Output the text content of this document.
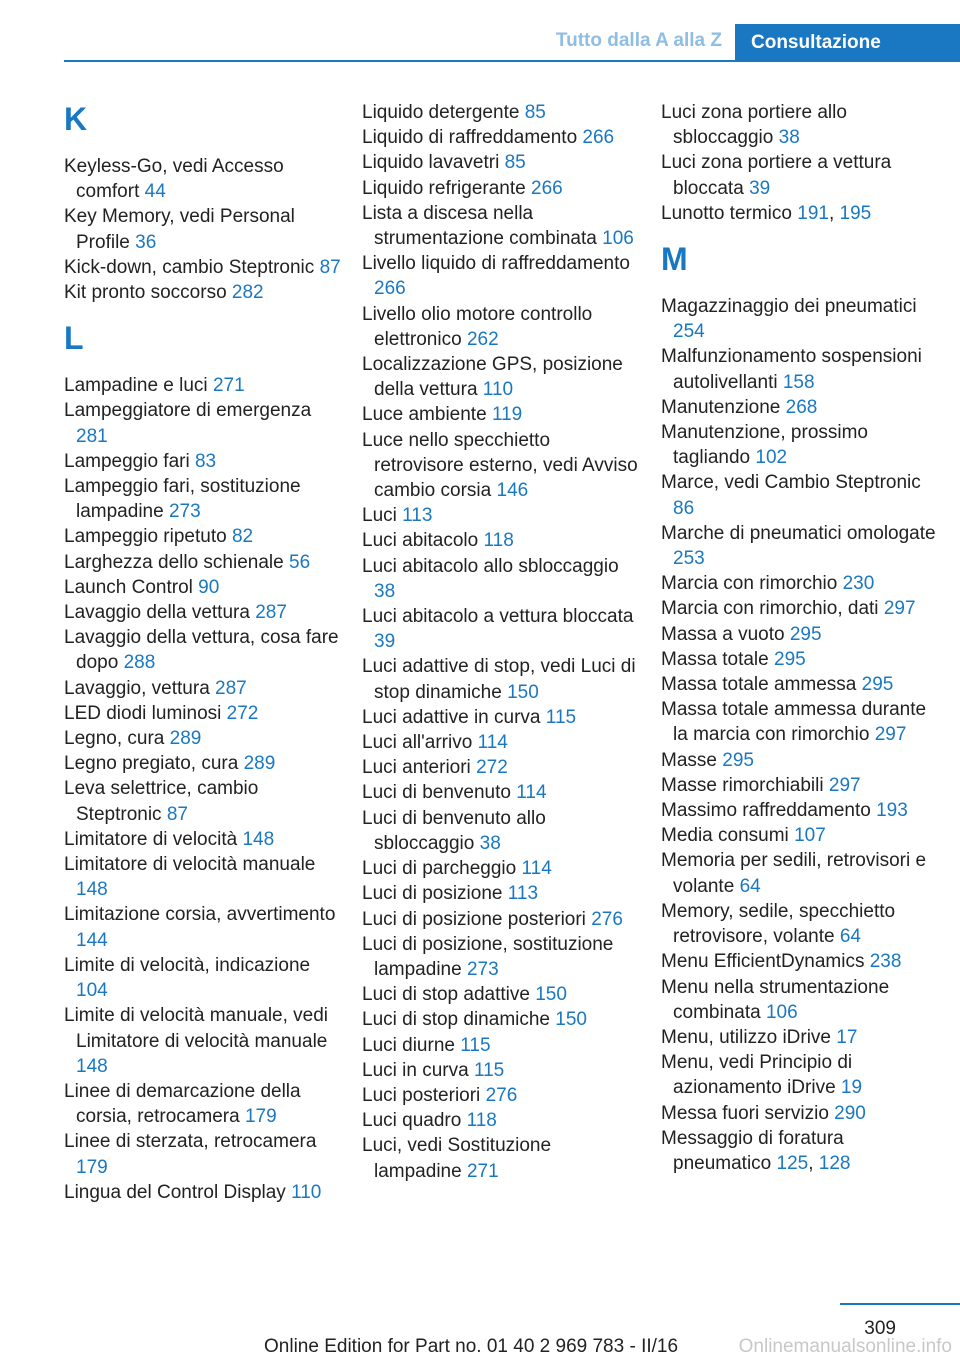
Tutto dalla A alla Z	Consultazione
K
Keyless-Go, vedi Accesso comfort 44
Key Memory, vedi Personal Profile 36
Kick-down, cambio Steptronic 87
Kit pronto soccorso 282
L
Lampadine e luci 271
Lampeggiatore di emergenza 281
Lampeggio fari 83
Lampeggio fari, sostituzione lampadine 273
Lampeggio ripetuto 82
Larghezza dello schienale 56
Launch Control 90
Lavaggio della vettura 287
Lavaggio della vettura, cosa fare dopo 288
Lavaggio, vettura 287
LED diodi luminosi 272
Legno, cura 289
Legno pregiato, cura 289
Leva selettrice, cambio Steptronic 87
Limitatore di velocità 148
Limitatore di velocità manuale 148
Limitazione corsia, avvertimento 144
Limite di velocità, indicazione 104
Limite di velocità manuale, vedi Limitatore di velocità manuale 148
Linee di demarcazione della corsia, retrocamera 179
Linee di sterzata, retrocamera 179
Lingua del Control Display 110
Liquido detergente 85
Liquido di raffreddamento 266
Liquido lavavetri 85
Liquido refrigerante 266
Lista a discesa nella strumentazione combinata 106
Livello liquido di raffreddamento 266
Livello olio motore controllo elettronico 262
Localizzazione GPS, posizione della vettura 110
Luce ambiente 119
Luce nello specchietto retrovisore esterno, vedi Avviso cambio corsia 146
Luci 113
Luci abitacolo 118
Luci abitacolo allo sbloccaggio 38
Luci abitacolo a vettura bloccata 39
Luci adattive di stop, vedi Luci di stop dinamiche 150
Luci adattive in curva 115
Luci all'arrivo 114
Luci anteriori 272
Luci di benvenuto 114
Luci di benvenuto allo sbloccaggio 38
Luci di parcheggio 114
Luci di posizione 113
Luci di posizione posteriori 276
Luci di posizione, sostituzione lampadine 273
Luci di stop adattive 150
Luci di stop dinamiche 150
Luci diurne 115
Luci in curva 115
Luci posteriori 276
Luci quadro 118
Luci, vedi Sostituzione lampadine 271
Luci zona portiere allo sbloccaggio 38
Luci zona portiere a vettura bloccata 39
Lunotto termico 191, 195
M
Magazzinaggio dei pneumatici 254
Malfunzionamento sospensioni autolivellanti 158
Manutenzione 268
Manutenzione, prossimo tagliando 102
Marce, vedi Cambio Steptronic 86
Marche di pneumatici omologate 253
Marcia con rimorchio 230
Marcia con rimorchio, dati 297
Massa a vuoto 295
Massa totale 295
Massa totale ammessa 295
Massa totale ammessa durante la marcia con rimorchio 297
Masse 295
Masse rimorchiabili 297
Massimo raffreddamento 193
Media consumi 107
Memoria per sedili, retrovisori e volante 64
Memory, sedile, specchietto retrovisore, volante 64
Menu EfficientDynamics 238
Menu nella strumentazione combinata 106
Menu, utilizzo iDrive 17
Menu, vedi Principio di azionamento iDrive 19
Messa fuori servizio 290
Messaggio di foratura pneumatico 125, 128
309
Online Edition for Part no. 01 40 2 969 783 - II/16	Onlinemanualsonline.info
